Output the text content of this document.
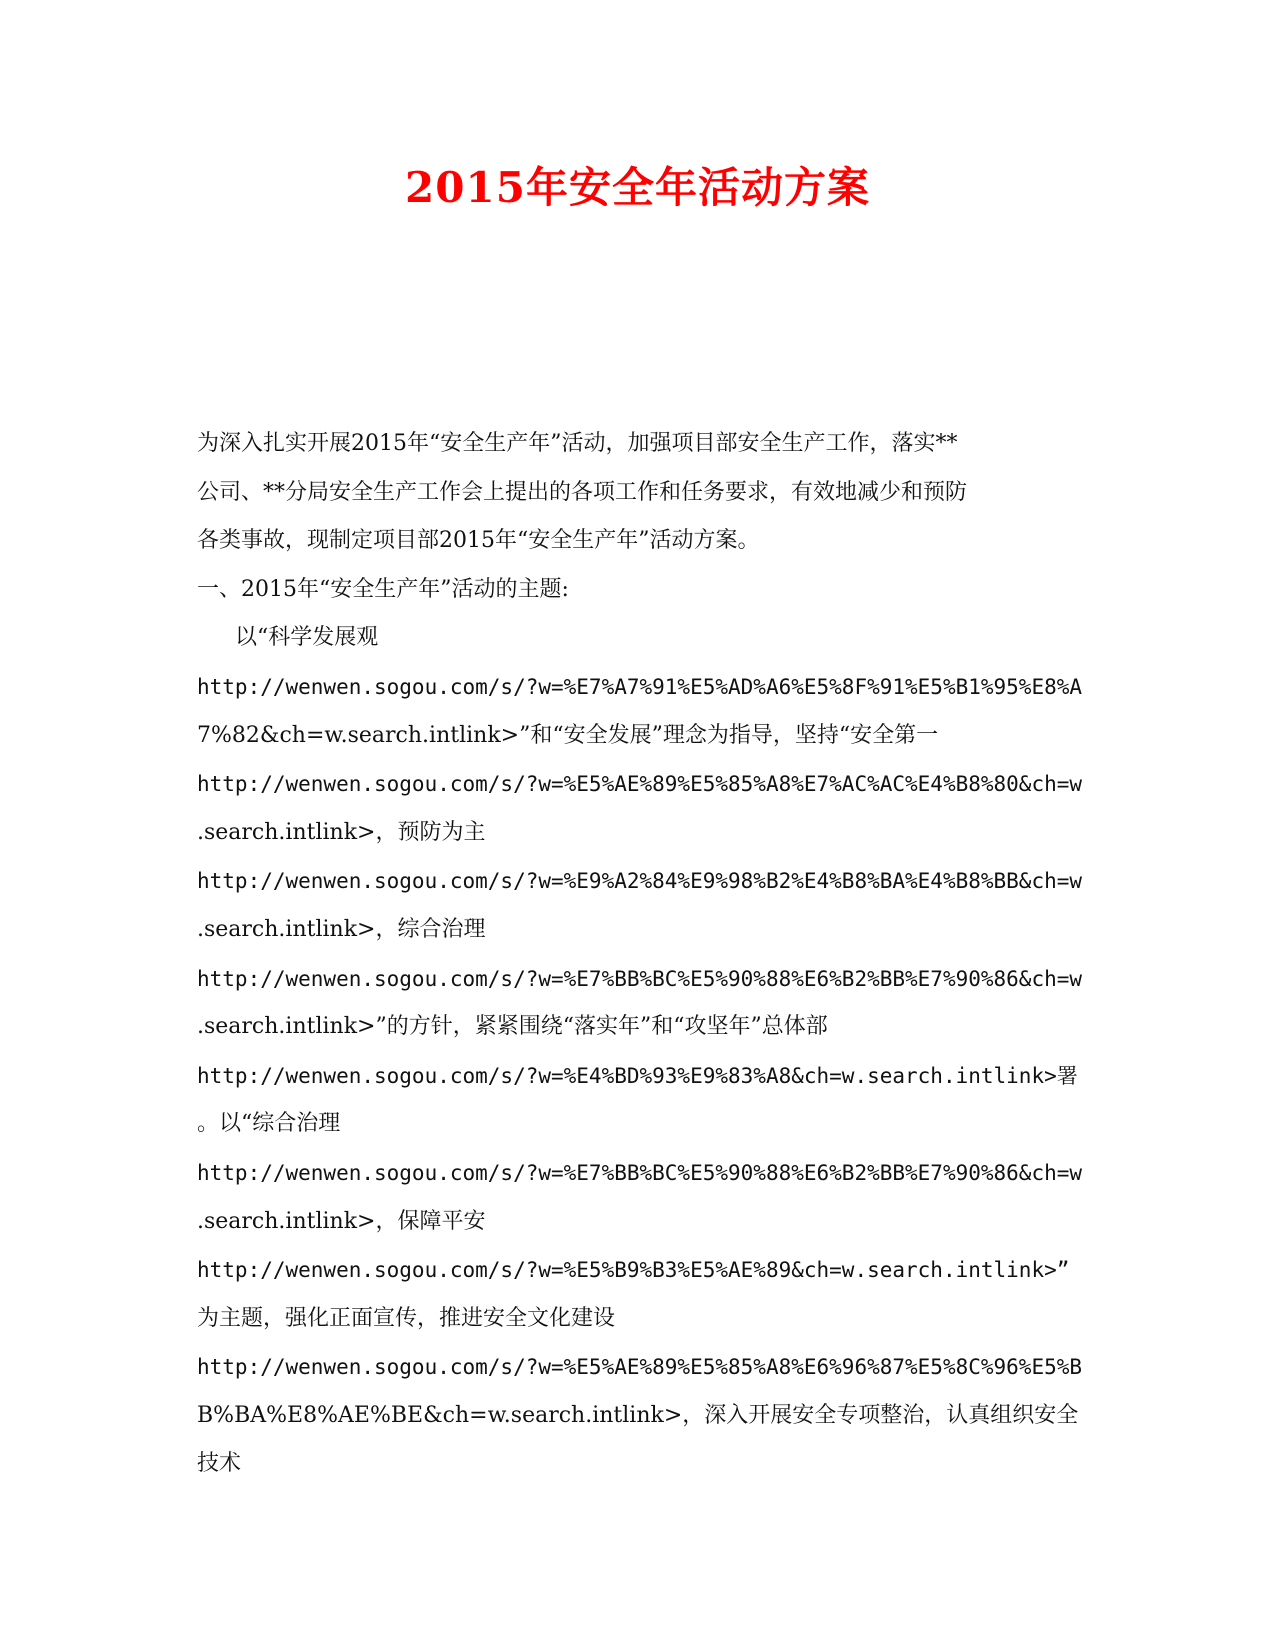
2015年安全年活动方案
为深入扎实开展2015年“安全生产年”活动，加强项目部安全生产工作，落实**
公司、**分局安全生产工作会上提出的各项工作和任务要求，有效地减少和预防
各类事故，现制定项目部2015年“安全生产年”活动方案。
一、2015年“安全生产年”活动的主题:
以“科学发展观
http://wenwen.sogou.com/s/?w=%E7%A7%91%E5%AD%A6%E5%8F%91%E5%B1%95%E8%A
7%82&ch=w.search.intlink>”和“安全发展”理念为指导，坚持“安全第一
http://wenwen.sogou.com/s/?w=%E5%AE%89%E5%85%A8%E7%AC%AC%E4%B8%80&ch=w
.search.intlink>，预防为主
http://wenwen.sogou.com/s/?w=%E9%A2%84%E9%98%B2%E4%B8%BA%E4%B8%BB&ch=w
.search.intlink>，综合治理
http://wenwen.sogou.com/s/?w=%E7%BB%BC%E5%90%88%E6%B2%BB%E7%90%86&ch=w
.search.intlink>”的方针，紧紧围绕“落实年”和“攻坚年”总体部
http://wenwen.sogou.com/s/?w=%E4%BD%93%E9%83%A8&ch=w.search.intlink>署
。以“综合治理
http://wenwen.sogou.com/s/?w=%E7%BB%BC%E5%90%88%E6%B2%BB%E7%90%86&ch=w
.search.intlink>，保障平安
http://wenwen.sogou.com/s/?w=%E5%B9%B3%E5%AE%89&ch=w.search.intlink>”
为主题，强化正面宣传，推进安全文化建设
http://wenwen.sogou.com/s/?w=%E5%AE%89%E5%85%A8%E6%96%87%E5%8C%96%E5%B
B%BA%E8%AE%BE&ch=w.search.intlink>，深入开展安全专项整治，认真组织安全
技术
